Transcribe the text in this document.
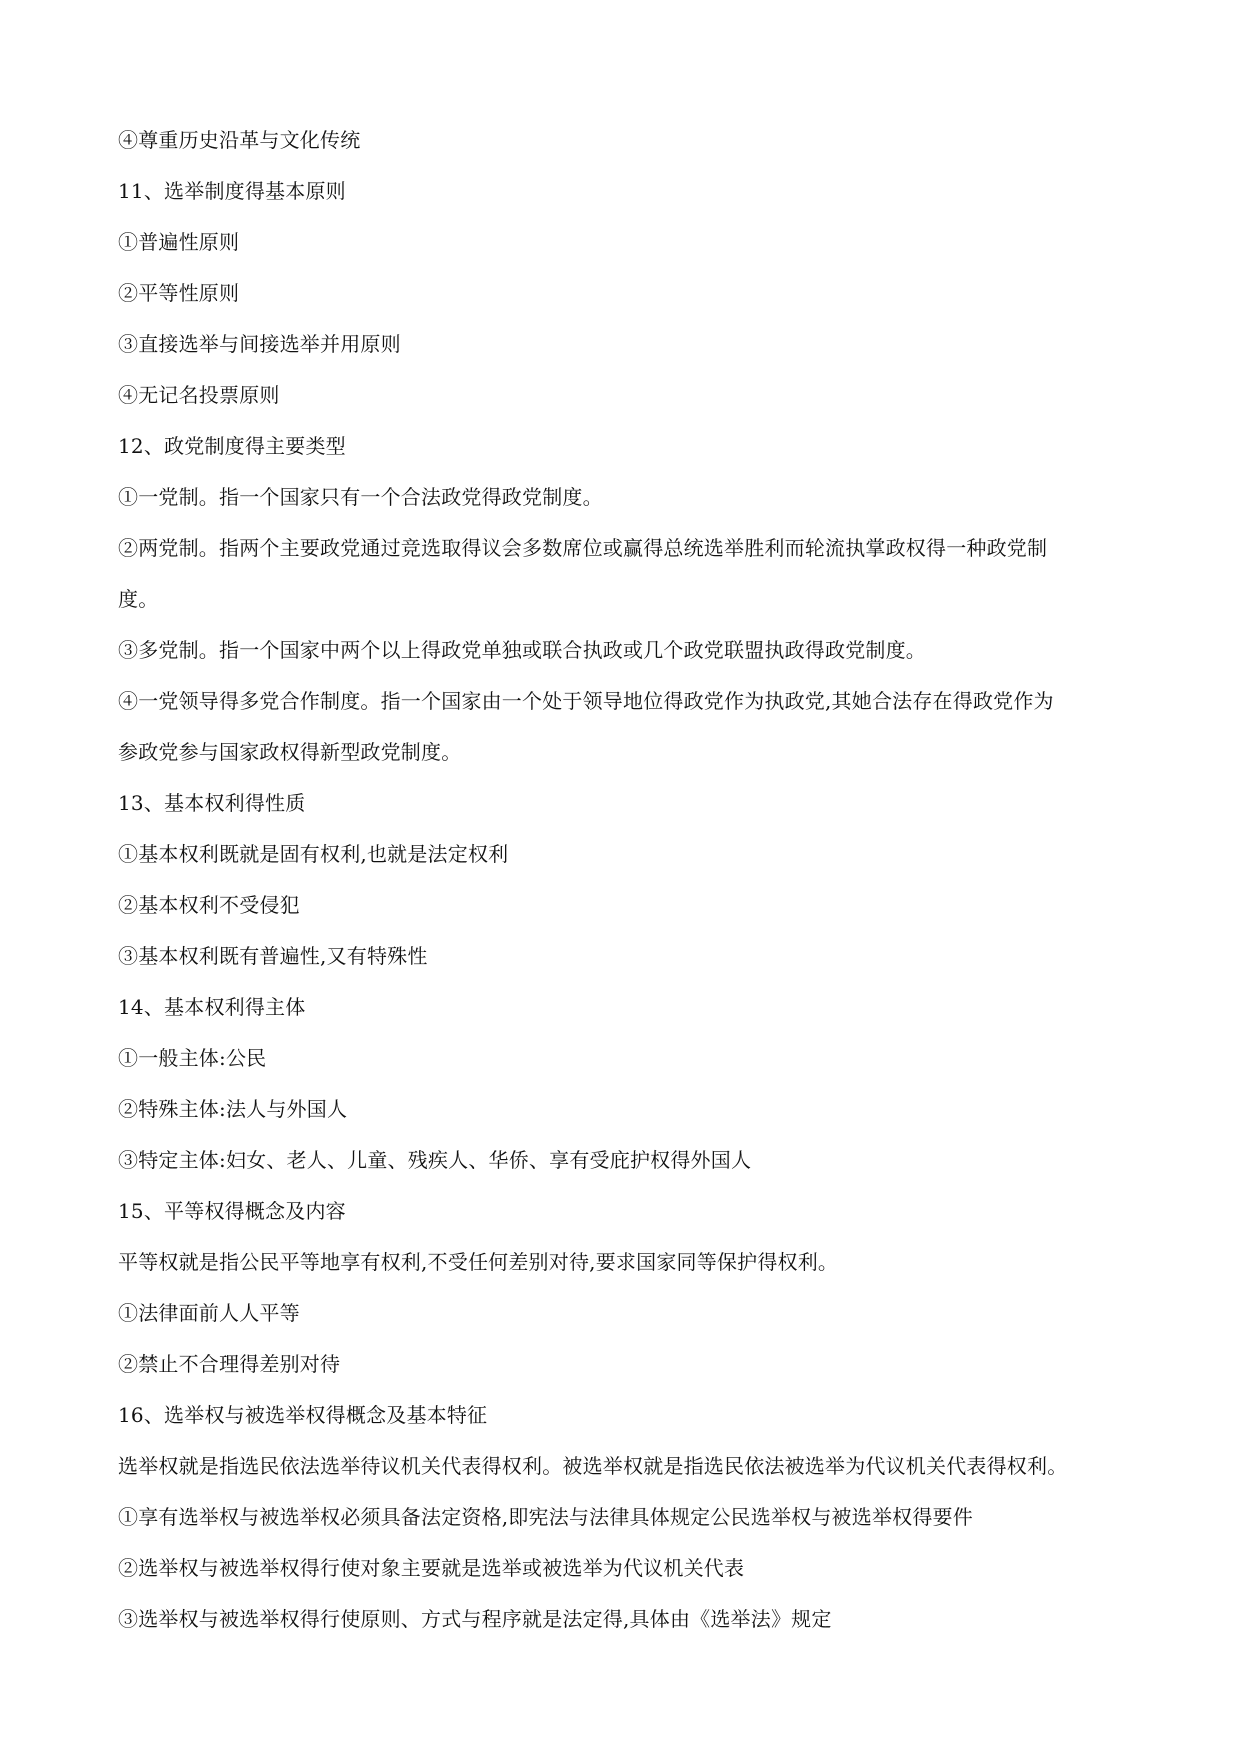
④尊重历史沿革与文化传统
11、选举制度得基本原则
①普遍性原则
②平等性原则
③直接选举与间接选举并用原则
④无记名投票原则
12、政党制度得主要类型
①一党制。指一个国家只有一个合法政党得政党制度。
②两党制。指两个主要政党通过竞选取得议会多数席位或赢得总统选举胜利而轮流执掌政权得一种政党制
度。
③多党制。指一个国家中两个以上得政党单独或联合执政或几个政党联盟执政得政党制度。
④一党领导得多党合作制度。指一个国家由一个处于领导地位得政党作为执政党,其她合法存在得政党作为
参政党参与国家政权得新型政党制度。
13、基本权利得性质
①基本权利既就是固有权利,也就是法定权利
②基本权利不受侵犯
③基本权利既有普遍性,又有特殊性
14、基本权利得主体
①一般主体:公民
②特殊主体:法人与外国人
③特定主体:妇女、老人、儿童、残疾人、华侨、享有受庇护权得外国人
15、平等权得概念及内容
平等权就是指公民平等地享有权利,不受任何差别对待,要求国家同等保护得权利。
①法律面前人人平等
②禁止不合理得差别对待
16、选举权与被选举权得概念及基本特征
选举权就是指选民依法选举待议机关代表得权利。被选举权就是指选民依法被选举为代议机关代表得权利。
①享有选举权与被选举权必须具备法定资格,即宪法与法律具体规定公民选举权与被选举权得要件
②选举权与被选举权得行使对象主要就是选举或被选举为代议机关代表
③选举权与被选举权得行使原则、方式与程序就是法定得,具体由《选举法》规定
